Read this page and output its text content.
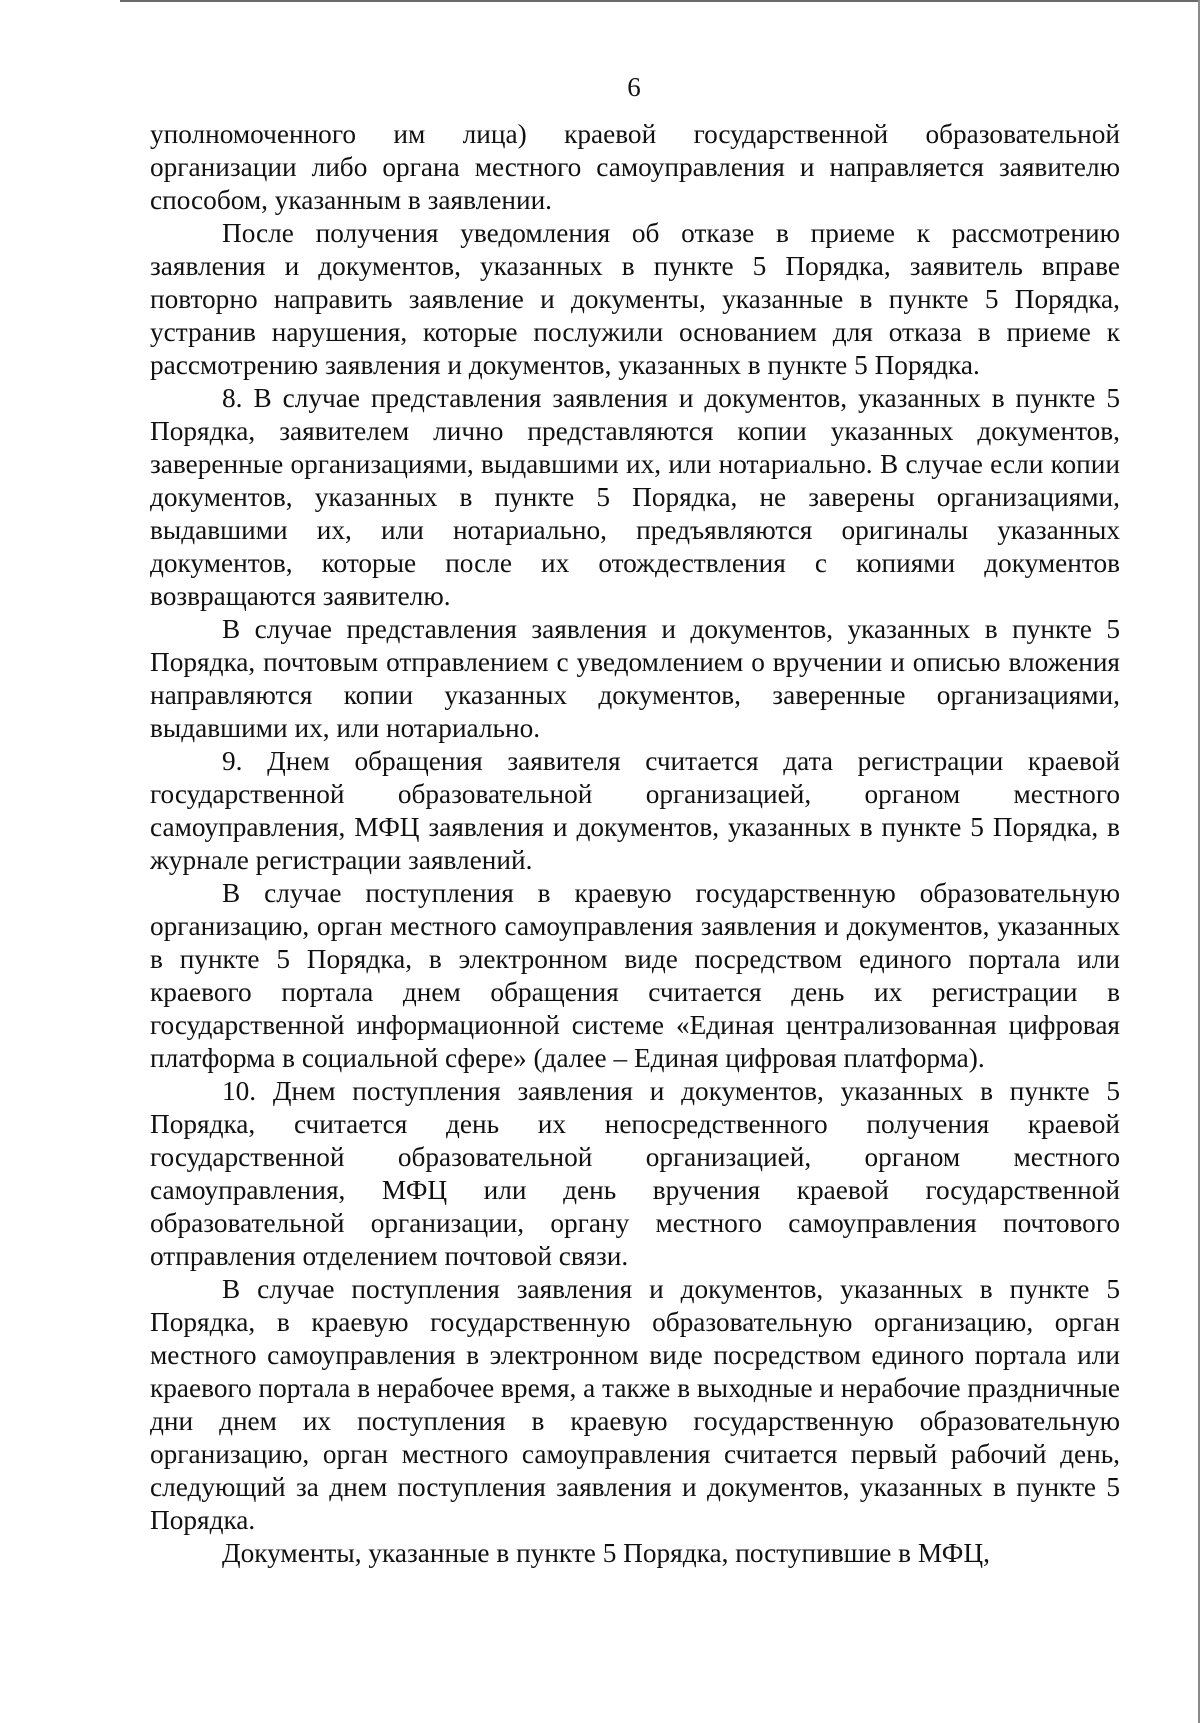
6

уполномоченного им лица) краевой государственной образовательной организации либо органа местного самоуправления и направляется заявителю способом, указанным в заявлении.

После получения уведомления об отказе в приеме к рассмотрению заявления и документов, указанных в пункте 5 Порядка, заявитель вправе повторно направить заявление и документы, указанные в пункте 5 Порядка, устранив нарушения, которые послужили основанием для отказа в приеме к рассмотрению заявления и документов, указанных в пункте 5 Порядка.

8. В случае представления заявления и документов, указанных в пункте 5 Порядка, заявителем лично представляются копии указанных документов, заверенные организациями, выдавшими их, или нотариально. В случае если копии документов, указанных в пункте 5 Порядка, не заверены организациями, выдавшими их, или нотариально, предъявляются оригиналы указанных документов, которые после их отождествления с копиями документов возвращаются заявителю.

В случае представления заявления и документов, указанных в пункте 5 Порядка, почтовым отправлением с уведомлением о вручении и описью вложения направляются копии указанных документов, заверенные организациями, выдавшими их, или нотариально.

9. Днем обращения заявителя считается дата регистрации краевой государственной образовательной организацией, органом местного самоуправления, МФЦ заявления и документов, указанных в пункте 5 Порядка, в журнале регистрации заявлений.

В случае поступления в краевую государственную образовательную организацию, орган местного самоуправления заявления и документов, указанных в пункте 5 Порядка, в электронном виде посредством единого портала или краевого портала днем обращения считается день их регистрации в государственной информационной системе «Единая централизованная цифровая платформа в социальной сфере» (далее – Единая цифровая платформа).

10. Днем поступления заявления и документов, указанных в пункте 5 Порядка, считается день их непосредственного получения краевой государственной образовательной организацией, органом местного самоуправления, МФЦ или день вручения краевой государственной образовательной организации, органу местного самоуправления почтового отправления отделением почтовой связи.

В случае поступления заявления и документов, указанных в пункте 5 Порядка, в краевую государственную образовательную организацию, орган местного самоуправления в электронном виде посредством единого портала или краевого портала в нерабочее время, а также в выходные и нерабочие праздничные дни днем их поступления в краевую государственную образовательную организацию, орган местного самоуправления считается первый рабочий день, следующий за днем поступления заявления и документов, указанных в пункте 5 Порядка.

Документы, указанные в пункте 5 Порядка, поступившие в МФЦ,
